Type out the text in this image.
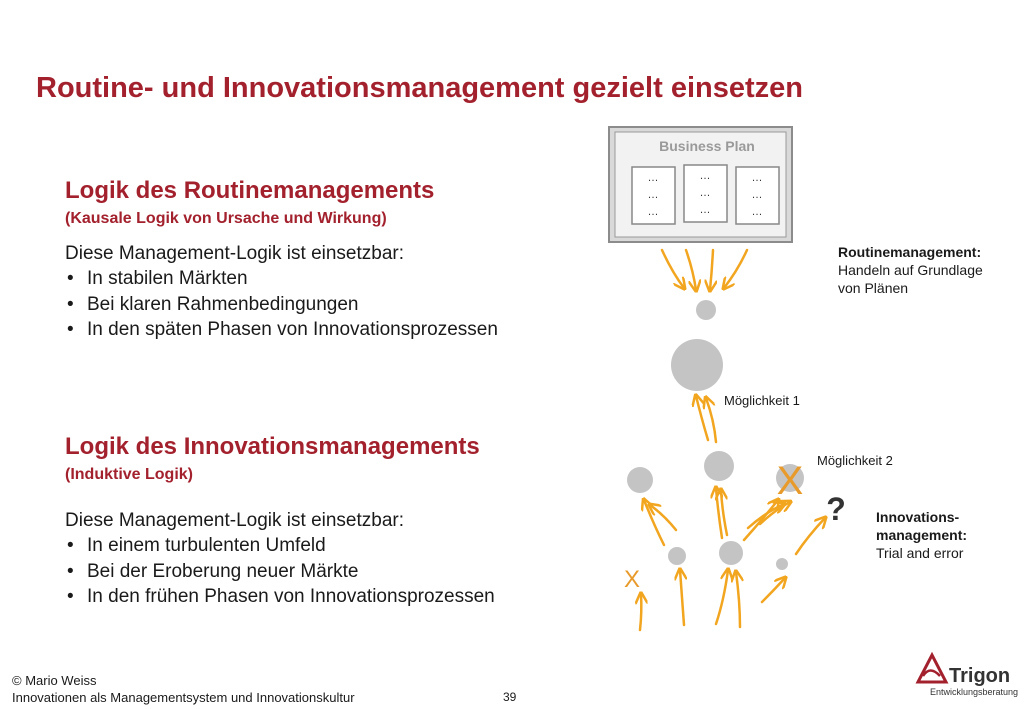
Business Plan
…
…
…
…
…
…
…
…
…
X
X
?
Trigon
Entwicklungsberatung
Routine- und Innovationsmanagement gezielt einsetzen
Logik des Routinemanagements
(Kausale Logik von Ursache und Wirkung)
Diese Management-Logik ist einsetzbar:
• In stabilen Märkten
• Bei klaren Rahmenbedingungen
• In den späten Phasen von Innovationsprozessen
Logik des Innovationsmanagements
(Induktive Logik)
Diese Management-Logik ist einsetzbar:
• In einem turbulenten Umfeld
• Bei der Eroberung neuer Märkte
• In den frühen Phasen von Innovationsprozessen
Routinemanagement:
Handeln auf Grundlage
von Plänen
Möglichkeit 1
Möglichkeit 2
Innovations-
management:
Trial and error
© Mario Weiss
Innovationen als Managementsystem und Innovationskultur	39
